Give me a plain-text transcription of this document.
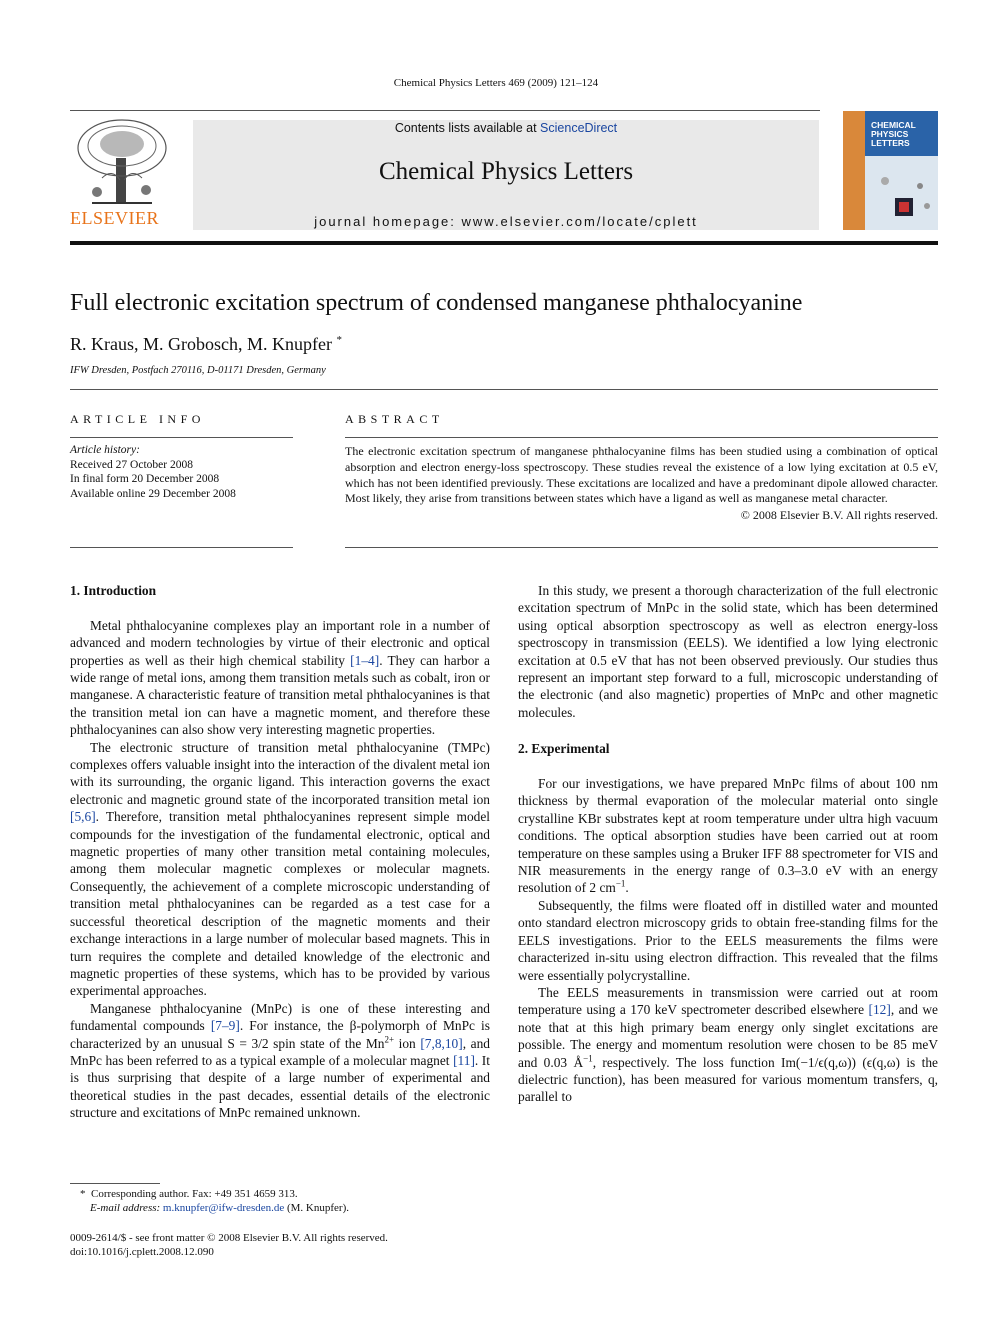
Chemical Physics Letters 469 (2009) 121–124
ELSEVIER
Contents lists available at ScienceDirect
Chemical Physics Letters
journal homepage: www.elsevier.com/locate/cplett
CHEMICAL
PHYSICS
LETTERS
Full electronic excitation spectrum of condensed manganese phthalocyanine
R. Kraus, M. Grobosch, M. Knupfer *
IFW Dresden, Postfach 270116, D-01171 Dresden, Germany
ARTICLE INFO	ABSTRACT
Article history:
Received 27 October 2008
In final form 20 December 2008
Available online 29 December 2008
The electronic excitation spectrum of manganese phthalocyanine films has been studied using a combination of optical absorption and electron energy-loss spectroscopy. These studies reveal the existence of a low lying excitation at 0.5 eV, which has not been identified previously. These excitations are localized and have a predominant dipole allowed character. Most likely, they arise from transitions between states which have a ligand as well as manganese metal character.
© 2008 Elsevier B.V. All rights reserved.
1. Introduction

Metal phthalocyanine complexes play an important role in a number of advanced and modern technologies by virtue of their electronic and optical properties as well as their high chemical stability [1–4]. They can harbor a wide range of metal ions, among them transition metals such as cobalt, iron or manganese. A characteristic feature of transition metal phthalocyanines is that the transition metal ion can have a magnetic moment, and therefore these phthalocyanines can also show very interesting magnetic properties.

The electronic structure of transition metal phthalocyanine (TMPc) complexes offers valuable insight into the interaction of the divalent metal ion with its surrounding, the organic ligand. This interaction governs the exact electronic and magnetic ground state of the incorporated transition metal ion [5,6]. Therefore, transition metal phthalocyanines represent simple model compounds for the investigation of the fundamental electronic, optical and magnetic properties of many other transition metal containing molecules, among them molecular magnetic complexes or molecular magnets. Consequently, the achievement of a complete microscopic understanding of transition metal phthalocyanines can be regarded as a test case for a successful theoretical description of the magnetic moments and their exchange interactions in a large number of molecular based magnets. This in turn requires the complete and detailed knowledge of the electronic and magnetic properties of these systems, which has to be provided by various experimental approaches.

Manganese phthalocyanine (MnPc) is one of these interesting and fundamental compounds [7–9]. For instance, the β-polymorph of MnPc is characterized by an unusual S = 3/2 spin state of the $Mn^{2+}$ ion [7,8,10], and MnPc has been referred to as a typical example of a molecular magnet [11]. It is thus surprising that despite of a large number of experimental and theoretical studies in the past decades, essential details of the electronic structure and excitations of MnPc remained unknown.

In this study, we present a thorough characterization of the full electronic excitation spectrum of MnPc in the solid state, which has been determined using optical absorption spectroscopy as well as electron energy-loss spectroscopy in transmission (EELS). We identified a low lying electronic excitation at 0.5 eV that has not been observed previously. Our studies thus represent an important step forward to a full, microscopic understanding of the electronic (and also magnetic) properties of MnPc and other magnetic molecules.

2. Experimental

For our investigations, we have prepared MnPc films of about 100 nm thickness by thermal evaporation of the molecular material onto single crystalline KBr substrates kept at room temperature under ultra high vacuum conditions. The optical absorption studies have been carried out at room temperature on these samples using a Bruker IFF 88 spectrometer for VIS and NIR measurements in the energy range of 0.3–3.0 eV with an energy resolution of 2 $cm^{-1}$.

Subsequently, the films were floated off in distilled water and mounted onto standard electron microscopy grids to obtain free-standing films for the EELS investigations. Prior to the EELS measurements the films were characterized in-situ using electron diffraction. This revealed that the films were essentially polycrystalline.

The EELS measurements in transmission were carried out at room temperature using a 170 keV spectrometer described elsewhere [12], and we note that at this high primary beam energy only singlet excitations are possible. The energy and momentum resolution were chosen to be 85 meV and 0.03 $Å^{-1}$, respectively. The loss function Im(−1/ϵ(q,ω)) (ϵ(q,ω) is the dielectric function), has been measured for various momentum transfers, q, parallel to

* Corresponding author. Fax: +49 351 4659 313.
E-mail address: m.knupfer@ifw-dresden.de (M. Knupfer).
0009-2614/$ - see front matter © 2008 Elsevier B.V. All rights reserved.
doi:10.1016/j.cplett.2008.12.090
